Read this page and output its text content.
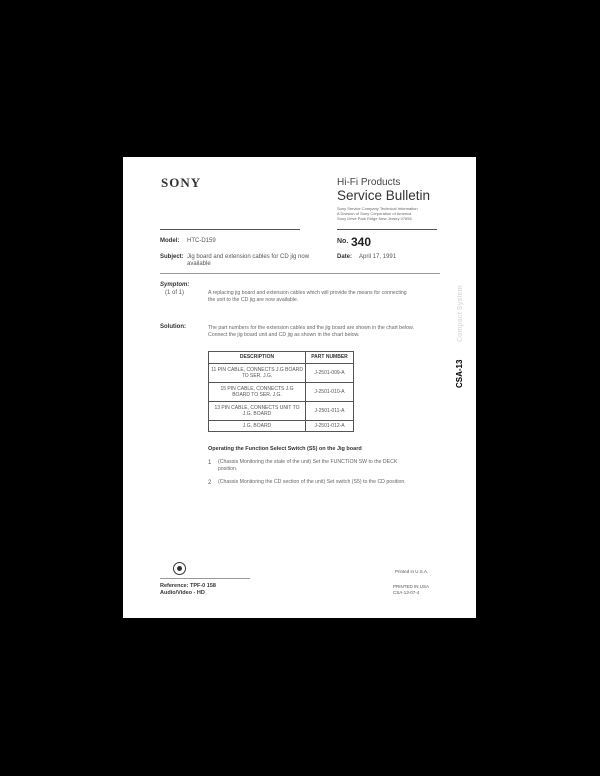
SONY	Hi-Fi Products
Service Bulletin
Sony Service Company Technical Information
A Division of Sony Corporation of America
Sony Drive Park Ridge New Jersey 07656
Model: HTC-D159	No. 340
Subject: Jig board and extension cables for CD jig now
available
Date: April 17, 1991
Symptom:
(1 of 1)	A replacing jig board and extension cables which will provide the means for connecting the unit to the CD jig are now available.
Solution:	The part numbers for the extension cables and the jig board are shown in the chart below. Connect the jig board unit and CD jig as shown in the chart below.
DESCRIPTION	PART NUMBER
11 PIN CABLE, CONNECTS J.G BOARD TO SER. J.G.	J-2501-009-A
15 PIN CABLE, CONNECTS J.G BOARD TO SER. J.G.	J-2501-010-A
13 PIN CABLE, CONNECTS UNIT TO J.G. BOARD	J-2501-011-A
J.G. BOARD	J-2501-012-A
Operating the Function Select Switch (S5) on the Jig board
1 (Chassis Monitoring the state of the unit) Set the FUNCTION SW to the DECK position.
2 (Chassis Monitoring the CD section of the unit) Set switch (S5) to the CD position.
Reference: TPF-0 158
Audio/Video - HD
Printed in U.S.A.
PRINTED IN USA
CSA-13-07-4
Compact System
CSA-13
